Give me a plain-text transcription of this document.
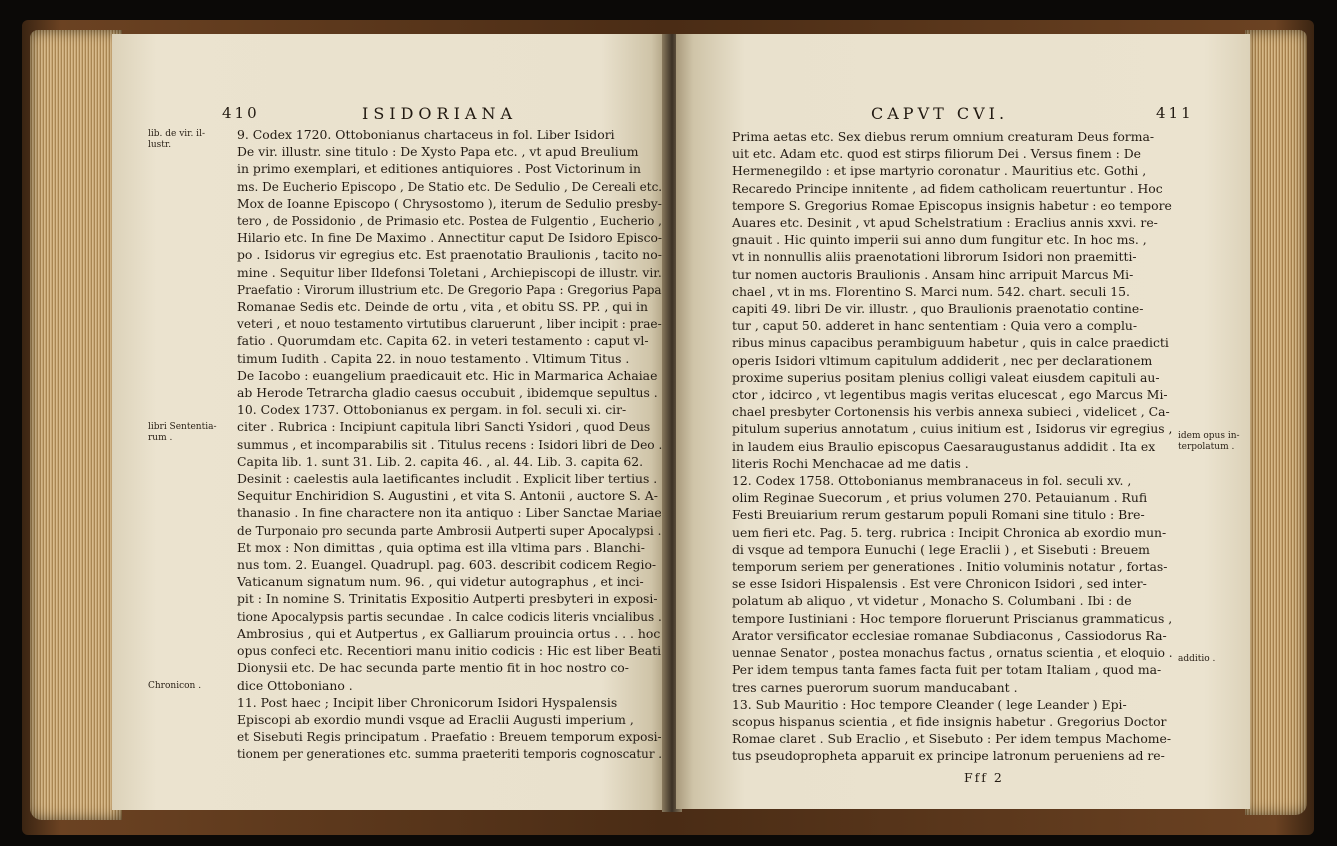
410	ISIDORIANA
lib. de vir. il-
lustr.
libri Sententia-
rum .
Chronicon .
9. Codex 1720. Ottobonianus chartaceus in fol. Liber Isidori
De vir. illustr. sine titulo : De Xysto Papa etc. , vt apud Breulium
in primo exemplari, et editiones antiquiores . Post Victorinum in
ms. De Eucherio Episcopo , De Statio etc. De Sedulio , De Cereali etc.
Mox de Ioanne Episcopo ( Chrysostomo ), iterum de Sedulio presby-
tero , de Possidonio , de Primasio etc. Postea de Fulgentio , Eucherio ,
Hilario etc. In fine De Maximo . Annectitur caput De Isidoro Episco-
po . Isidorus vir egregius etc. Est praenotatio Braulionis , tacito no-
mine . Sequitur liber Ildefonsi Toletani , Archiepiscopi de illustr. vir.
Praefatio : Virorum illustrium etc. De Gregorio Papa : Gregorius Papa
Romanae Sedis etc. Deinde de ortu , vita , et obitu SS. PP. , qui in
veteri , et nouo testamento virtutibus claruerunt , liber incipit : prae-
fatio . Quorumdam etc. Capita 62. in veteri testamento : caput vl-
timum Iudith . Capita 22. in nouo testamento . Vltimum Titus .
De Iacobo : euangelium praedicauit etc. Hic in Marmarica Achaiae
ab Herode Tetrarcha gladio caesus occubuit , ibidemque sepultus .
10. Codex 1737. Ottobonianus ex pergam. in fol. seculi xi. cir-
citer . Rubrica : Incipiunt capitula libri Sancti Ysidori , quod Deus
summus , et incomparabilis sit . Titulus recens : Isidori libri de Deo .
Capita lib. 1. sunt 31. Lib. 2. capita 46. , al. 44. Lib. 3. capita 62.
Desinit : caelestis aula laetificantes includit . Explicit liber tertius .
Sequitur Enchiridion S. Augustini , et vita S. Antonii , auctore S. A-
thanasio . In fine charactere non ita antiquo : Liber Sanctae Mariae
de Turponaio pro secunda parte Ambrosii Autperti super Apocalypsi .
Et mox : Non dimittas , quia optima est illa vltima pars . Blanchi-
nus tom. 2. Euangel. Quadrupl. pag. 603. describit codicem Regio-
Vaticanum signatum num. 96. , qui videtur autographus , et inci-
pit : In nomine S. Trinitatis Expositio Autperti presbyteri in exposi-
tione Apocalypsis partis secundae . In calce codicis literis vncialibus .
Ambrosius , qui et Autpertus , ex Galliarum prouincia ortus . . . hoc
opus confeci etc. Recentiori manu initio codicis : Hic est liber Beati
Dionysii etc. De hac secunda parte mentio fit in hoc nostro co-
dice Ottoboniano .
11. Post haec ; Incipit liber Chronicorum Isidori Hyspalensis
Episcopi ab exordio mundi vsque ad Eraclii Augusti imperium ,
et Sisebuti Regis principatum . Praefatio : Breuem temporum exposi-
tionem per generationes etc. summa praeteriti temporis cognoscatur .
CAPVT CVI.	411
idem opus in-
terpolatum .
additio .
Prima aetas etc. Sex diebus rerum omnium creaturam Deus forma-
uit etc. Adam etc. quod est stirps filiorum Dei . Versus finem : De
Hermenegildo : et ipse martyrio coronatur . Mauritius etc. Gothi ,
Recaredo Principe innitente , ad fidem catholicam reuertuntur . Hoc
tempore S. Gregorius Romae Episcopus insignis habetur : eo tempore
Auares etc. Desinit , vt apud Schelstratium : Eraclius annis xxvi. re-
gnauit . Hic quinto imperii sui anno dum fungitur etc. In hoc ms. ,
vt in nonnullis aliis praenotationi librorum Isidori non praemitti-
tur nomen auctoris Braulionis . Ansam hinc arripuit Marcus Mi-
chael , vt in ms. Florentino S. Marci num. 542. chart. seculi 15.
capiti 49. libri De vir. illustr. , quo Braulionis praenotatio contine-
tur , caput 50. adderet in hanc sententiam : Quia vero a complu-
ribus minus capacibus perambiguum habetur , quis in calce praedicti
operis Isidori vltimum capitulum addiderit , nec per declarationem
proxime superius positam plenius colligi valeat eiusdem capituli au-
ctor , idcirco , vt legentibus magis veritas elucescat , ego Marcus Mi-
chael presbyter Cortonensis his verbis annexa subieci , videlicet , Ca-
pitulum superius annotatum , cuius initium est , Isidorus vir egregius ,
in laudem eius Braulio episcopus Caesaraugustanus addidit . Ita ex
literis Rochi Menchacae ad me datis .
12. Codex 1758. Ottobonianus membranaceus in fol. seculi xv. ,
olim Reginae Suecorum , et prius volumen 270. Petauianum . Rufi
Festi Breuiarium rerum gestarum populi Romani sine titulo : Bre-
uem fieri etc. Pag. 5. terg. rubrica : Incipit Chronica ab exordio mun-
di vsque ad tempora Eunuchi ( lege Eraclii ) , et Sisebuti : Breuem
temporum seriem per generationes . Initio voluminis notatur , fortas-
se esse Isidori Hispalensis . Est vere Chronicon Isidori , sed inter-
polatum ab aliquo , vt videtur , Monacho S. Columbani . Ibi : de
tempore Iustiniani : Hoc tempore floruerunt Priscianus grammaticus ,
Arator versificator ecclesiae romanae Subdiaconus , Cassiodorus Ra-
uennae Senator , postea monachus factus , ornatus scientia , et eloquio .
Per idem tempus tanta fames facta fuit per totam Italiam , quod ma-
tres carnes puerorum suorum manducabant .
13. Sub Mauritio : Hoc tempore Cleander ( lege Leander ) Epi-
scopus hispanus scientia , et fide insignis habetur . Gregorius Doctor
Romae claret . Sub Eraclio , et Sisebuto : Per idem tempus Machome-
tus pseudopropheta apparuit ex principe latronum perueniens ad re-
Fff 2
